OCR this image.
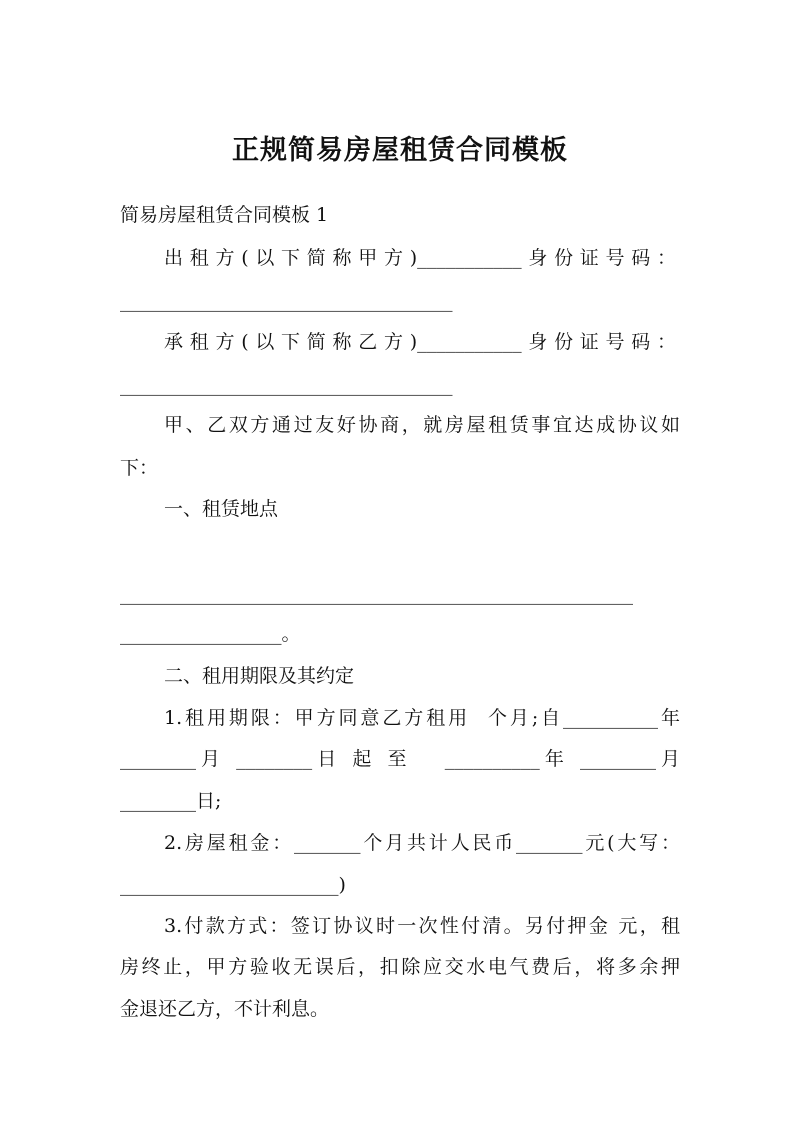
正规简易房屋租赁合同模板
简易房屋租赁合同模板 1
出租方(以下简称甲方)___________身份证号码：
___________________________________
承租方(以下简称乙方)___________身份证号码：
___________________________________
甲、乙双方通过友好协商，就房屋租赁事宜达成协议如
下：
一、租赁地点
______________________________________________________
_________________。
二、租用期限及其约定
1.租用期限：甲方同意乙方租用  个月;自__________年
________月 ________日 起 至   __________年 ________月
________日;
2.房屋租金：_______个月共计人民币_______元(大写：
_______________________)
3.付款方式：签订协议时一次性付清。另付押金 元，租
房终止，甲方验收无误后，扣除应交水电气费后，将多余押
金退还乙方，不计利息。
